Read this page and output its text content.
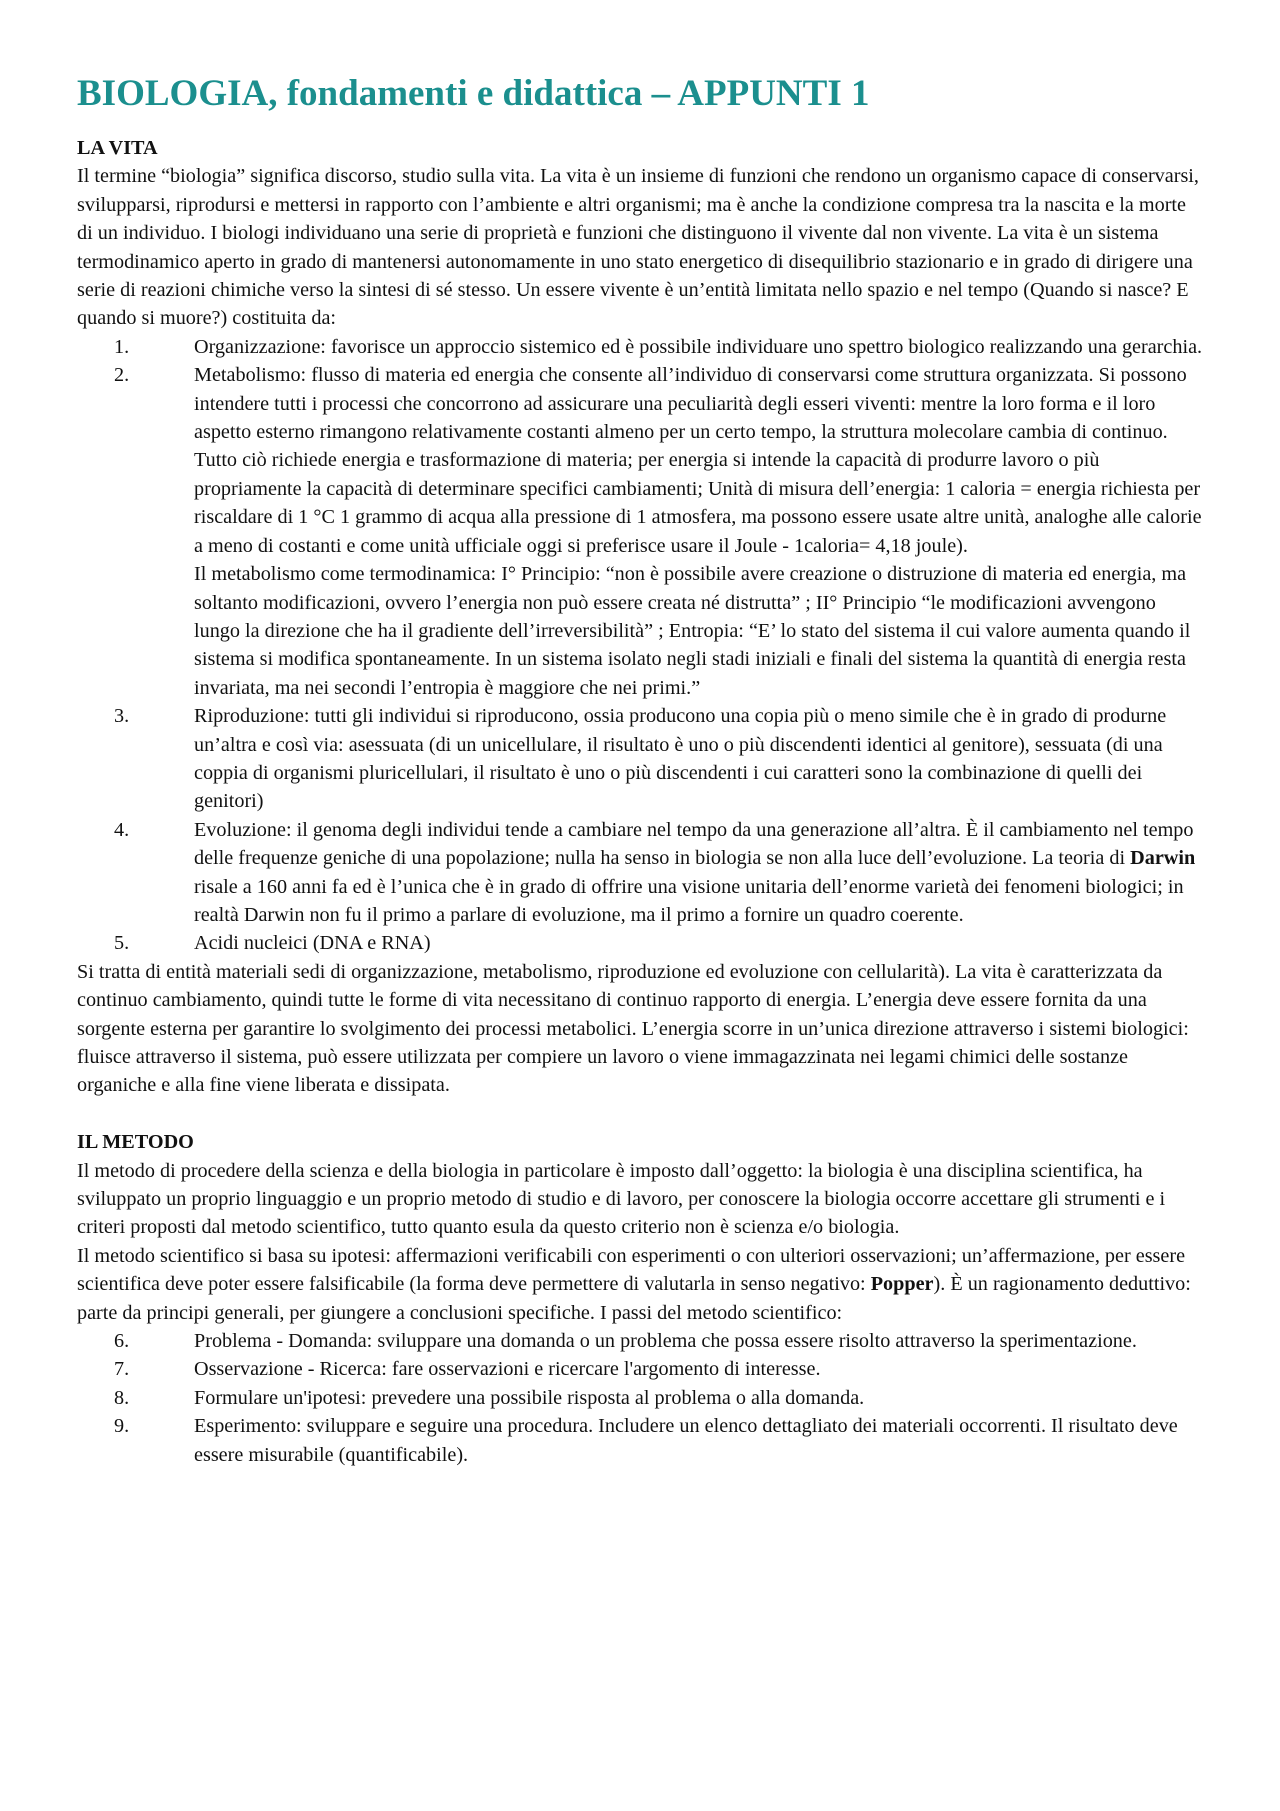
BIOLOGIA, fondamenti e didattica – APPUNTI 1

LA VITA

Il termine “biologia” significa discorso, studio sulla vita. La vita è un insieme di funzioni che rendono un organismo capace di conservarsi, svilupparsi, riprodursi e mettersi in rapporto con l’ambiente e altri organismi; ma è anche la condizione compresa tra la nascita e la morte di un individuo. I biologi individuano una serie di proprietà e funzioni che distinguono il vivente dal non vivente. La vita è un sistema termodinamico aperto in grado di mantenersi autonomamente in uno stato energetico di disequilibrio stazionario e in grado di dirigere una serie di reazioni chimiche verso la sintesi di sé stesso. Un essere vivente è un’entità limitata nello spazio e nel tempo (Quando si nasce? E quando si muore?) costituita da:

1.	Organizzazione: favorisce un approccio sistemico ed è possibile individuare uno spettro biologico realizzando una gerarchia.
2.	Metabolismo: flusso di materia ed energia che consente all’individuo di conservarsi come struttura organizzata. Si possono intendere tutti i processi che concorrono ad assicurare una peculiarità degli esseri viventi: mentre la loro forma e il loro aspetto esterno rimangono relativamente costanti almeno per un certo tempo, la struttura molecolare cambia di continuo. Tutto ciò richiede energia e trasformazione di materia; per energia si intende la capacità di produrre lavoro o più propriamente la capacità di determinare specifici cambiamenti; Unità di misura dell’energia: 1 caloria = energia richiesta per riscaldare di 1 °C 1 grammo di acqua alla pressione di 1 atmosfera, ma possono essere usate altre unità, analoghe alle calorie a meno di costanti e come unità ufficiale oggi si preferisce usare il Joule - 1caloria= 4,18 joule).

Il metabolismo come termodinamica: I° Principio: “non è possibile avere creazione o distruzione di materia ed energia, ma soltanto modificazioni, ovvero l’energia non può essere creata né distrutta” ; II° Principio “le modificazioni avvengono lungo la direzione che ha il gradiente dell’irreversibilità” ; Entropia: “E’ lo stato del sistema il cui valore aumenta quando il sistema si modifica spontaneamente. In un sistema isolato negli stadi iniziali e finali del sistema la quantità di energia resta invariata, ma nei secondi l’entropia è maggiore che nei primi.”

3.	Riproduzione: tutti gli individui si riproducono, ossia producono una copia più o meno simile che è in grado di produrne un’altra e così via: asessuata (di un unicellulare, il risultato è uno o più discendenti identici al genitore), sessuata (di una coppia di organismi pluricellulari, il risultato è uno o più discendenti i cui caratteri sono la combinazione di quelli dei genitori)
4.	Evoluzione: il genoma degli individui tende a cambiare nel tempo da una generazione all’altra. È il cambiamento nel tempo delle frequenze geniche di una popolazione; nulla ha senso in biologia se non alla luce dell’evoluzione. La teoria di Darwin risale a 160 anni fa ed è l’unica che è in grado di offrire una visione unitaria dell’enorme varietà dei fenomeni biologici; in realtà Darwin non fu il primo a parlare di evoluzione, ma il primo a fornire un quadro coerente.
5.	Acidi nucleici (DNA e RNA)

Si tratta di entità materiali sedi di organizzazione, metabolismo, riproduzione ed evoluzione con cellularità). La vita è caratterizzata da continuo cambiamento, quindi tutte le forme di vita necessitano di continuo rapporto di energia. L’energia deve essere fornita da una sorgente esterna per garantire lo svolgimento dei processi metabolici. L’energia scorre in un’unica direzione attraverso i sistemi biologici: fluisce attraverso il sistema, può essere utilizzata per compiere un lavoro o viene immagazzinata nei legami chimici delle sostanze organiche e alla fine viene liberata e dissipata.

IL METODO

Il metodo di procedere della scienza e della biologia in particolare è imposto dall’oggetto: la biologia è una disciplina scientifica, ha sviluppato un proprio linguaggio e un proprio metodo di studio e di lavoro, per conoscere la biologia occorre accettare gli strumenti e i criteri proposti dal metodo scientifico, tutto quanto esula da questo criterio non è scienza e/o biologia.

Il metodo scientifico si basa su ipotesi: affermazioni verificabili con esperimenti o con ulteriori osservazioni; un’affermazione, per essere scientifica deve poter essere falsificabile (la forma deve permettere di valutarla in senso negativo: Popper). È un ragionamento deduttivo: parte da principi generali, per giungere a conclusioni specifiche. I passi del metodo scientifico:

6.	Problema - Domanda: sviluppare una domanda o un problema che possa essere risolto attraverso la sperimentazione.
7.	Osservazione - Ricerca: fare osservazioni e ricercare l'argomento di interesse.
8.	Formulare un'ipotesi: prevedere una possibile risposta al problema o alla domanda.
9.	Esperimento: sviluppare e seguire una procedura. Includere un elenco dettagliato dei materiali occorrenti. Il risultato deve essere misurabile (quantificabile).
